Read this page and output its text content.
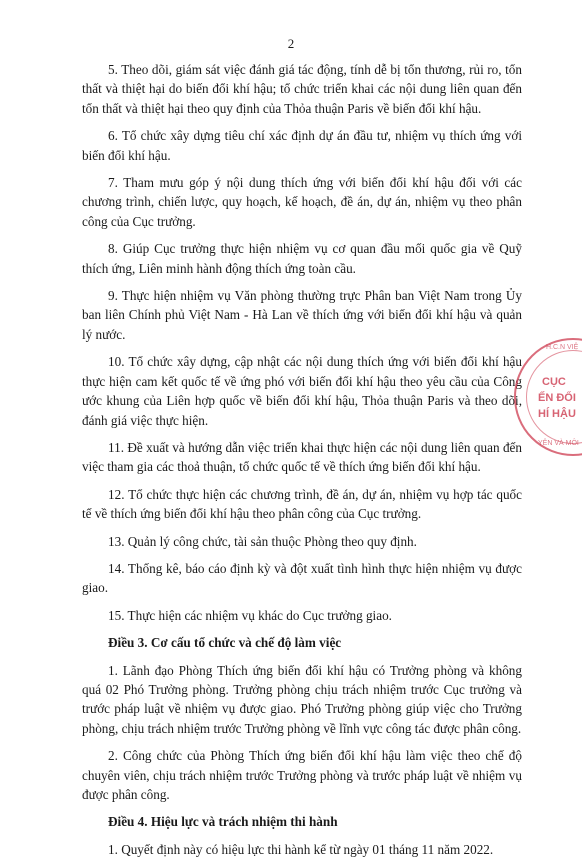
2

5. Theo dõi, giám sát việc đánh giá tác động, tính dễ bị tổn thương, rủi ro, tổn thất và thiệt hại do biến đổi khí hậu; tổ chức triển khai các nội dung liên quan đến tổn thất và thiệt hại theo quy định của Thỏa thuận Paris về biến đổi khí hậu.

6. Tổ chức xây dựng tiêu chí xác định dự án đầu tư, nhiệm vụ thích ứng với biến đổi khí hậu.

7. Tham mưu góp ý nội dung thích ứng với biến đổi khí hậu đối với các chương trình, chiến lược, quy hoạch, kế hoạch, đề án, dự án, nhiệm vụ theo phân công của Cục trưởng.

8. Giúp Cục trưởng thực hiện nhiệm vụ cơ quan đầu mối quốc gia về Quỹ thích ứng, Liên minh hành động thích ứng toàn cầu.

9. Thực hiện nhiệm vụ Văn phòng thường trực Phân ban Việt Nam trong Ủy ban liên Chính phủ Việt Nam - Hà Lan về thích ứng với biến đổi khí hậu và quản lý nước.

10. Tổ chức xây dựng, cập nhật các nội dung thích ứng với biến đổi khí hậu thực hiện cam kết quốc tế về ứng phó với biến đổi khí hậu theo yêu cầu của Công ước khung của Liên hợp quốc về biến đổi khí hậu, Thỏa thuận Paris và theo dõi, đánh giá việc thực hiện.

11. Đề xuất và hướng dẫn việc triển khai thực hiện các nội dung liên quan đến việc tham gia các thoả thuận, tổ chức quốc tế về thích ứng biến đổi khí hậu.

12. Tổ chức thực hiện các chương trình, đề án, dự án, nhiệm vụ hợp tác quốc tế về thích ứng biến đổi khí hậu theo phân công của Cục trưởng.

13. Quản lý công chức, tài sản thuộc Phòng theo quy định.

14. Thống kê, báo cáo định kỳ và đột xuất tình hình thực hiện nhiệm vụ được giao.

15. Thực hiện các nhiệm vụ khác do Cục trưởng giao.

Điều 3. Cơ cấu tổ chức và chế độ làm việc

1. Lãnh đạo Phòng Thích ứng biến đổi khí hậu có Trưởng phòng và không quá 02 Phó Trưởng phòng. Trưởng phòng chịu trách nhiệm trước Cục trưởng và trước pháp luật về nhiệm vụ được giao. Phó Trưởng phòng giúp việc cho Trưởng phòng, chịu trách nhiệm trước Trưởng phòng về lĩnh vực công tác được phân công.

2. Công chức của Phòng Thích ứng biến đổi khí hậu làm việc theo chế độ chuyên viên, chịu trách nhiệm trước Trưởng phòng và trước pháp luật về nhiệm vụ được phân công.

Điều 4. Hiệu lực và trách nhiệm thi hành

1. Quyết định này có hiệu lực thi hành kể từ ngày 01 tháng 11 năm 2022.

H.C.N VIỆ
CỤC
ẾN ĐỔI
HÍ HẬU
YÊN VÀ MÔI
